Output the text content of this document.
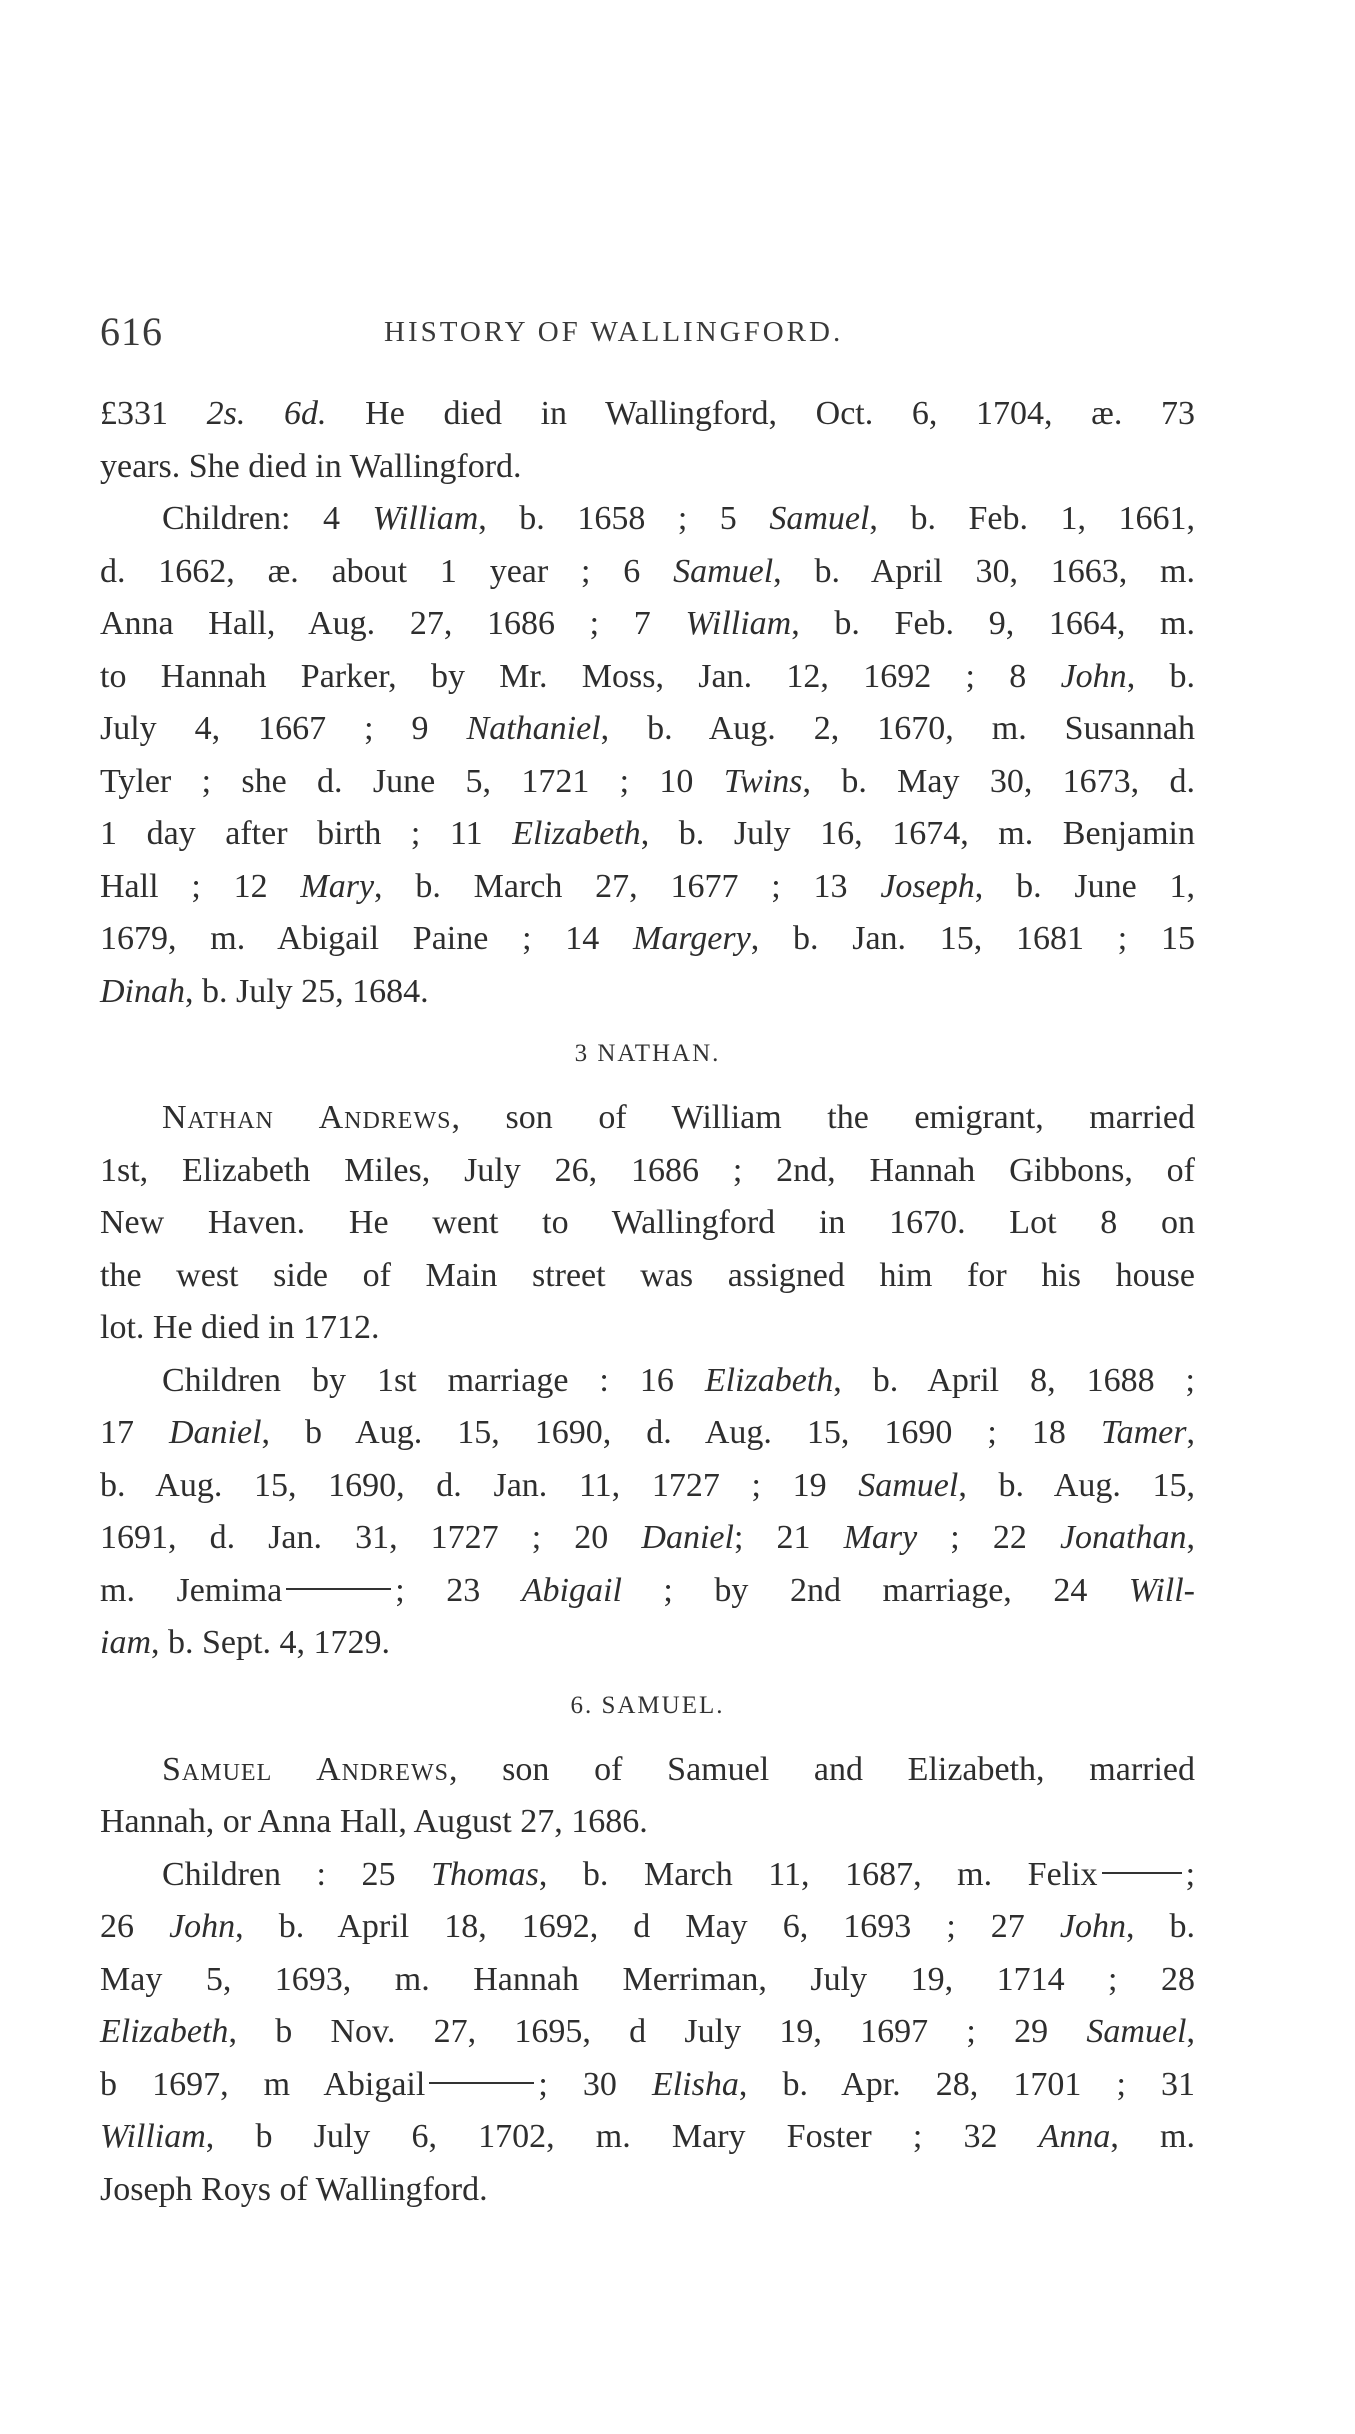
616	HISTORY OF WALLINGFORD.
£331 2s. 6d. He died in Wallingford, Oct. 6, 1704, æ. 73
years. She died in Wallingford.
Children: 4 William, b. 1658 ; 5 Samuel, b. Feb. 1, 1661,
d. 1662, æ. about 1 year ; 6 Samuel, b. April 30, 1663, m.
Anna Hall, Aug. 27, 1686 ; 7 William, b. Feb. 9, 1664, m.
to Hannah Parker, by Mr. Moss, Jan. 12, 1692 ; 8 John, b.
July 4, 1667 ; 9 Nathaniel, b. Aug. 2, 1670, m. Susannah
Tyler ; she d. June 5, 1721 ; 10 Twins, b. May 30, 1673, d.
1 day after birth ; 11 Elizabeth, b. July 16, 1674, m. Benjamin
Hall ; 12 Mary, b. March 27, 1677 ; 13 Joseph, b. June 1,
1679, m. Abigail Paine ; 14 Margery, b. Jan. 15, 1681 ; 15
Dinah, b. July 25, 1684.
3 NATHAN.
Nathan Andrews, son of William the emigrant, married
1st, Elizabeth Miles, July 26, 1686 ; 2nd, Hannah Gibbons, of
New Haven. He went to Wallingford in 1670. Lot 8 on
the west side of Main street was assigned him for his house
lot. He died in 1712.
Children by 1st marriage : 16 Elizabeth, b. April 8, 1688 ;
17 Daniel, b Aug. 15, 1690, d. Aug. 15, 1690 ; 18 Tamer,
b. Aug. 15, 1690, d. Jan. 11, 1727 ; 19 Samuel, b. Aug. 15,
1691, d. Jan. 31, 1727 ; 20 Daniel; 21 Mary ; 22 Jonathan,
m. Jemima	; 23 Abigail ; by 2nd marriage, 24 Will-
iam, b. Sept. 4, 1729.
6. SAMUEL.
Samuel Andrews, son of Samuel and Elizabeth, married
Hannah, or Anna Hall, August 27, 1686.
Children : 25 Thomas, b. March 11, 1687, m. Felix	;
26 John, b. April 18, 1692, d May 6, 1693 ; 27 John, b.
May 5, 1693, m. Hannah Merriman, July 19, 1714 ; 28
Elizabeth, b Nov. 27, 1695, d July 19, 1697 ; 29 Samuel,
b 1697, m Abigail	; 30 Elisha, b. Apr. 28, 1701 ; 31
William, b July 6, 1702, m. Mary Foster ; 32 Anna, m.
Joseph Roys of Wallingford.
